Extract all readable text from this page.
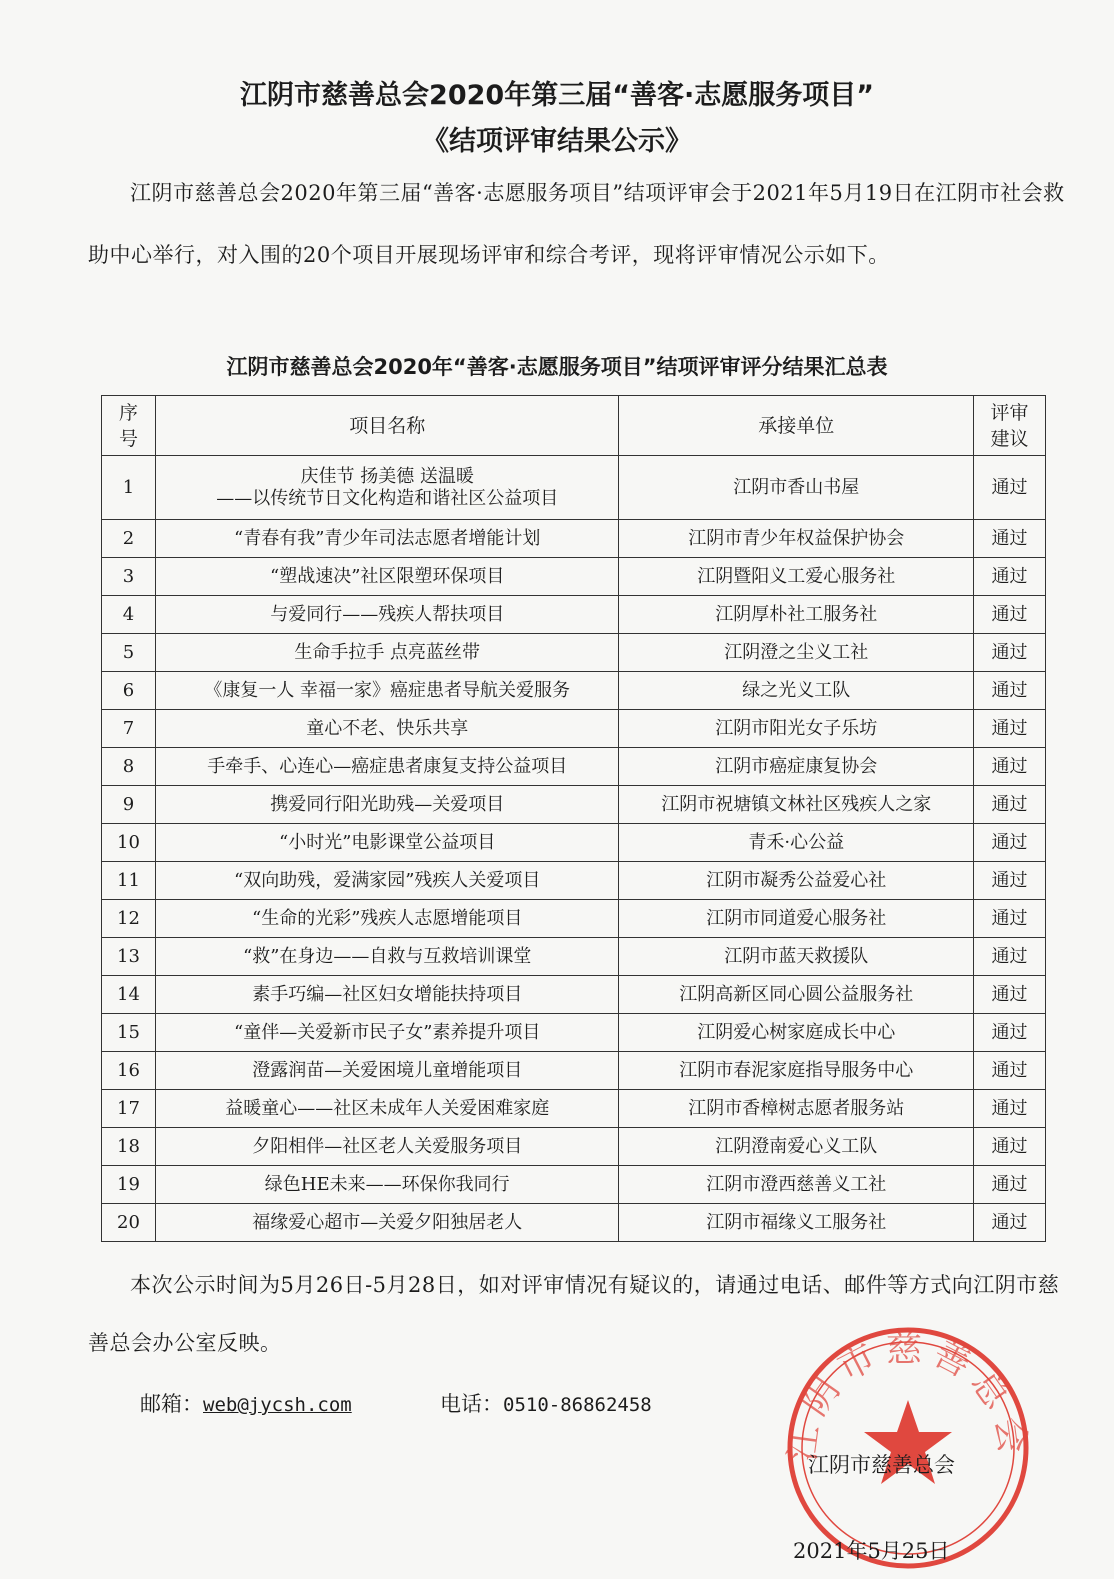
江阴市慈善总会2020年第三届“善客·志愿服务项目”
《结项评审结果公示》
江阴市慈善总会2020年第三届“善客·志愿服务项目”结项评审会于2021年5月19日在江阴市社会救助中心举行，对入围的20个项目开展现场评审和综合考评，现将评审情况公示如下。
江阴市慈善总会2020年“善客·志愿服务项目”结项评审评分结果汇总表
序号	项目名称	承接单位	评审建议
1	庆佳节 扬美德 送温暖
——以传统节日文化构造和谐社区公益项目	江阴市香山书屋	通过
2	“青春有我”青少年司法志愿者增能计划	江阴市青少年权益保护协会	通过
3	“塑战速决”社区限塑环保项目	江阴暨阳义工爱心服务社	通过
4	与爱同行——残疾人帮扶项目	江阴厚朴社工服务社	通过
5	生命手拉手 点亮蓝丝带	江阴澄之尘义工社	通过
6	《康复一人 幸福一家》癌症患者导航关爱服务	绿之光义工队	通过
7	童心不老、快乐共享	江阴市阳光女子乐坊	通过
8	手牵手、心连心—癌症患者康复支持公益项目	江阴市癌症康复协会	通过
9	携爱同行阳光助残—关爱项目	江阴市祝塘镇文林社区残疾人之家	通过
10	“小时光”电影课堂公益项目	青禾·心公益	通过
11	“双向助残，爱满家园”残疾人关爱项目	江阴市凝秀公益爱心社	通过
12	“生命的光彩”残疾人志愿增能项目	江阴市同道爱心服务社	通过
13	“救”在身边——自救与互救培训课堂	江阴市蓝天救援队	通过
14	素手巧编—社区妇女增能扶持项目	江阴高新区同心圆公益服务社	通过
15	“童伴—关爱新市民子女”素养提升项目	江阴爱心树家庭成长中心	通过
16	澄露润苗—关爱困境儿童增能项目	江阴市春泥家庭指导服务中心	通过
17	益暖童心——社区未成年人关爱困难家庭	江阴市香樟树志愿者服务站	通过
18	夕阳相伴—社区老人关爱服务项目	江阴澄南爱心义工队	通过
19	绿色HE未来——环保你我同行	江阴市澄西慈善义工社	通过
20	福缘爱心超市—关爱夕阳独居老人	江阴市福缘义工服务社	通过
本次公示时间为5月26日-5月28日，如对评审情况有疑议的，请通过电话、邮件等方式向江阴市慈善总会办公室反映。
邮箱：web@jycsh.com	电话：0510-86862458
江阴市慈善总会
江阴市慈善总会
2021年5月25日
